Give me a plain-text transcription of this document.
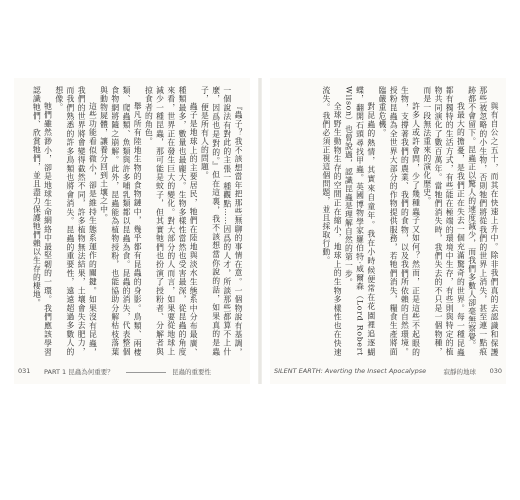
『蟲子？我不該想當年把那些無聊的事情在意。一個物說有基調，一個說法有對此的主張一種觀點……因爲的人才，所談那些都算不上什麼，因爲也是對的。』但在這裏，我不該想當你說的話，如果真的是蟲子，便是所有人的問題。

蟲子是地球上的主要居民，牠們在陸地與淡水生態系中分布最廣、種類最多，數量也最龐大。生物多樣性當然也受害最深，從昆蟲的角度來看，世界正在發生巨大的變化。對大部分的人而言，如果要從地球上減少一種昆蟲，那可能是蚊子，但其實牠們也扮演了授粉者、分解者與掠食者的角色。

舉凡所有陸地生物的食物鏈中，幾乎都有昆蟲的身影。鳥類、兩棲類、爬蟲類、魚類與許多哺乳類都以昆蟲為食。昆蟲的消失，代表整個食物網將隨之崩解。此外，昆蟲能為植物授粉，也能協助分解枯枝落葉與動物屍體，讓養分回到土壤之中。

這些功能看似微小，卻是維持生態系運作的關鍵。如果沒有昆蟲，我們的世界將會變得截然不同，許多植物無法結果，土壤會失去肥力，而我們熟悉的許多鳥類也將會消失。昆蟲的重要性，遠遠超過多數人的想像。

牠們雖然渺小，卻是地球生命網絡中最堅韌的一環。我們應該學習認識牠們、欣賞牠們，並且盡力保護牠們賴以生存的棲地。

031 PART 1 昆蟲為何重要？	昆蟲的重要性

與有自公之五十，而其在快速上升中。除非我們真的去認識和保護那些被忽略的小生物，否則牠們將從我們的世界上消失，甚至連一點痕跡都不會留下。昆蟲正以驚人的速度減少，而我們多數人卻毫無察覺。

我最大的擔憂，是我們正在失去一個充滿驚奇的世界。每一種昆蟲都有獨特的生活方式，有些能在極端的環境中生存，有些則與特定的植物共同演化了數百萬年。當牠們消失時，我們失去的不只是一個物種，而是一段無法重來的演化歷史。

許多人或許會問，少了幾種蟲子又如何？然而，正是這些不起眼的生物，支撐著我們的農業、我們的食物，以及我們所依賴的自然環境。授粉昆蟲為全世界大部分的作物提供服務，若牠們消失，糧食生產將面臨嚴重危機。

對昆蟲的熱情，其實來自童年。我在小時候便常在花園裡追逐蝴蝶，翻開石頭尋找甲蟲。英國博物學家羅伯特·威爾森（Lord Robert Wilson）也曾說過，認識昆蟲是理解自然的第一步。

全球野生動物生存的空間正在縮小，地球上的生物多樣性也在快速流失。我們必須正視這個問題，並且採取行動。

SILENT EARTH: Averting the Insect Apocalypse	寂靜的地球 030
